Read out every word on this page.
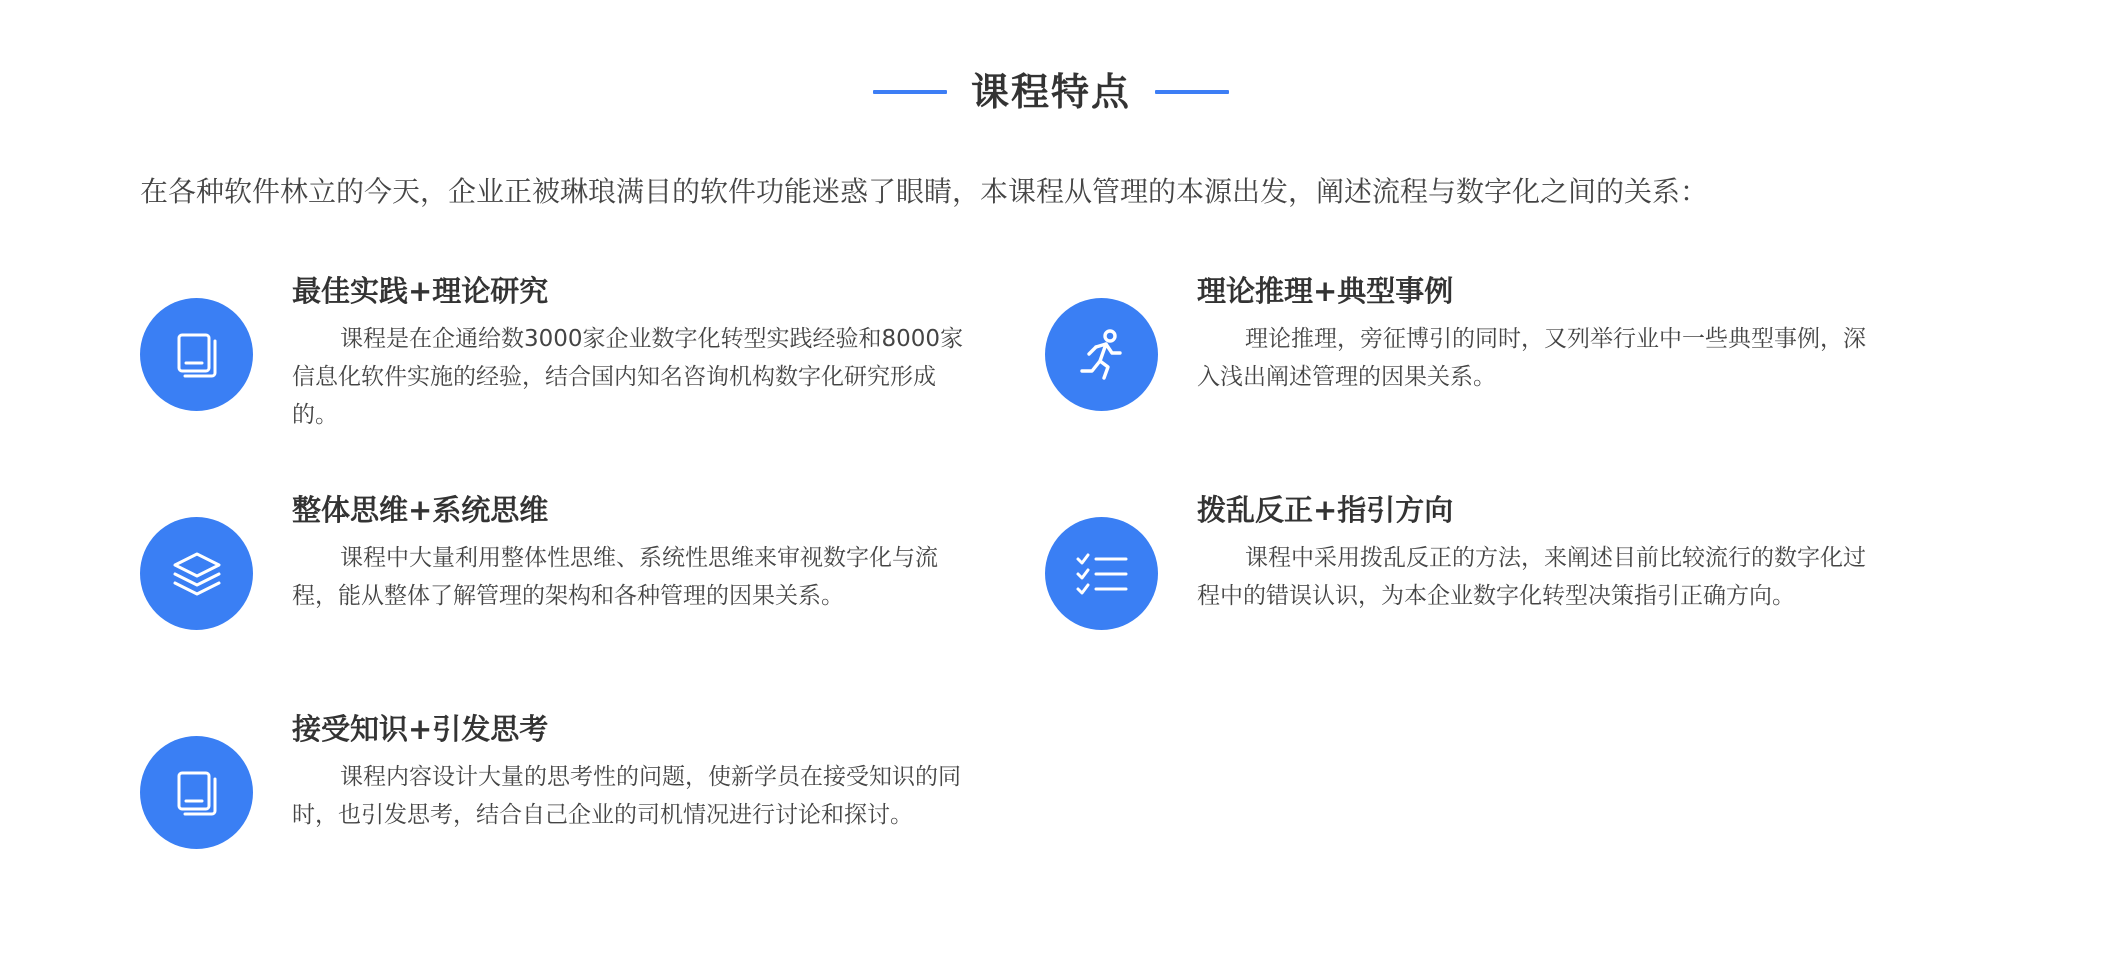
课程特点

在各种软件林立的今天，企业正被琳琅满目的软件功能迷惑了眼睛，本课程从管理的本源出发，阐述流程与数字化之间的关系：

最佳实践+理论研究

课程是在企通给数3000家企业数字化转型实践经验和8000家信息化软件实施的经验，结合国内知名咨询机构数字化研究形成的。

理论推理+典型事例

理论推理，旁征博引的同时，又列举行业中一些典型事例，深入浅出阐述管理的因果关系。

整体思维+系统思维

课程中大量利用整体性思维、系统性思维来审视数字化与流程，能从整体了解管理的架构和各种管理的因果关系。

拨乱反正+指引方向

课程中采用拨乱反正的方法，来阐述目前比较流行的数字化过程中的错误认识，为本企业数字化转型决策指引正确方向。

接受知识+引发思考

课程内容设计大量的思考性的问题，使新学员在接受知识的同时，也引发思考，结合自己企业的司机情况进行讨论和探讨。
